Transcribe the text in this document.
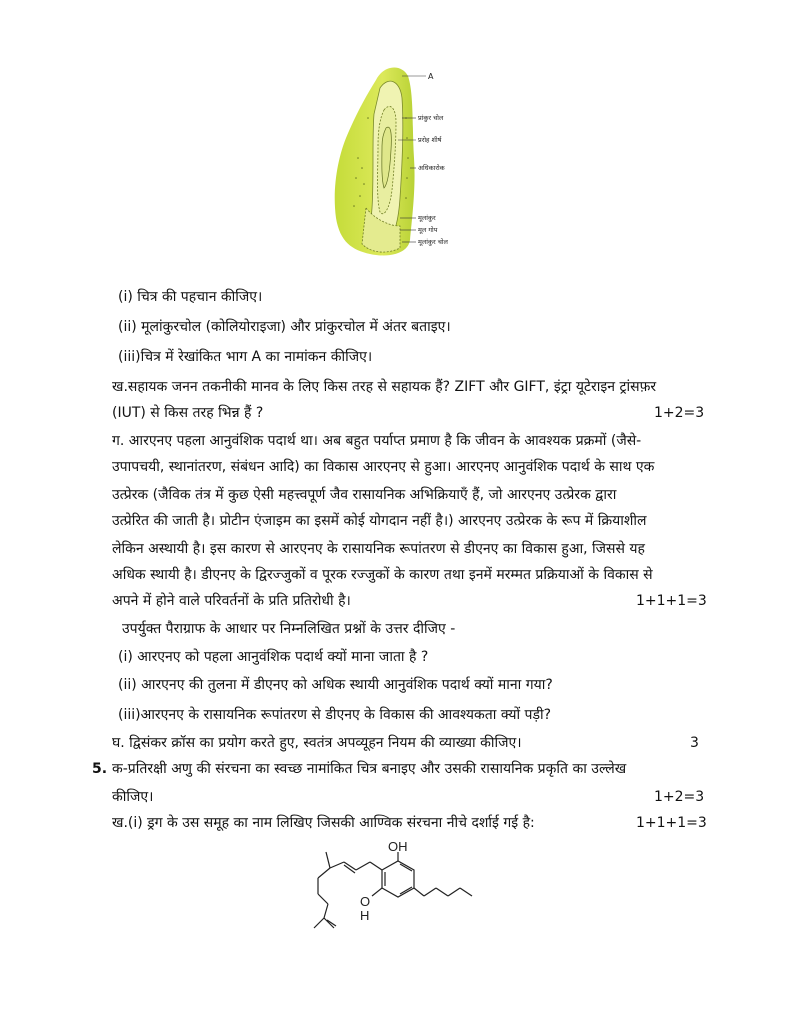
A
प्रांकुर चोल
प्ररोह शीर्ष
अधिकारोक
मूलांकुर
मूल गोप
मूलांकुर चोल
(i) चित्र की पहचान कीजिए।
(ii) मूलांकुरचोल (कोलियोराइजा) और प्रांकुरचोल में अंतर बताइए।
(iii)चित्र में रेखांकित भाग A का नामांकन कीजिए।
ख.सहायक जनन तकनीकी मानव के लिए किस तरह से सहायक हैं? ZIFT और GIFT, इंट्रा यूटेराइन ट्रांसफ़र
(IUT) से किस तरह भिन्न हैं ?	1+2=3
ग. आरएनए पहला आनुवंशिक पदार्थ था। अब बहुत पर्याप्त प्रमाण है कि जीवन के आवश्यक प्रक्रमों (जैसे-
उपापचयी, स्थानांतरण, संबंधन आदि) का विकास आरएनए से हुआ। आरएनए आनुवंशिक पदार्थ के साथ एक
उत्प्रेरक (जैविक तंत्र में कुछ ऐसी महत्त्वपूर्ण जैव रासायनिक अभिक्रियाएँ हैं, जो आरएनए उत्प्रेरक द्वारा
उत्प्रेरित की जाती है। प्रोटीन एंजाइम का इसमें कोई योगदान नहीं है।) आरएनए उत्प्रेरक के रूप में क्रियाशील
लेकिन अस्थायी है। इस कारण से आरएनए के रासायनिक रूपांतरण से डीएनए का विकास हुआ, जिससे यह
अधिक स्थायी है। डीएनए के द्विरज्जुकों व पूरक रज्जुकों के कारण तथा इनमें मरम्मत प्रक्रियाओं के विकास से
अपने में होने वाले परिवर्तनों के प्रति प्रतिरोधी है।	1+1+1=3
उपर्युक्त पैराग्राफ के आधार पर निम्नलिखित प्रश्नों के उत्तर दीजिए -
(i) आरएनए को पहला आनुवंशिक पदार्थ क्यों माना जाता है ?
(ii) आरएनए की तुलना में डीएनए को अधिक स्थायी आनुवंशिक पदार्थ क्यों माना गया?
(iii)आरएनए के रासायनिक रूपांतरण से डीएनए के विकास की आवश्यकता क्यों पड़ी?
घ. द्विसंकर क्रॉस का प्रयोग करते हुए, स्वतंत्र अपव्यूहन नियम की व्याख्या कीजिए।	3
5. क-प्रतिरक्षी अणु की संरचना का स्वच्छ नामांकित चित्र बनाइए और उसकी रासायनिक प्रकृति का उल्लेख
कीजिए।	1+2=3
ख.(i) ड्रग के उस समूह का नाम लिखिए जिसकी आण्विक संरचना नीचे दर्शाई गई है:	1+1+1=3
OH
O
H
